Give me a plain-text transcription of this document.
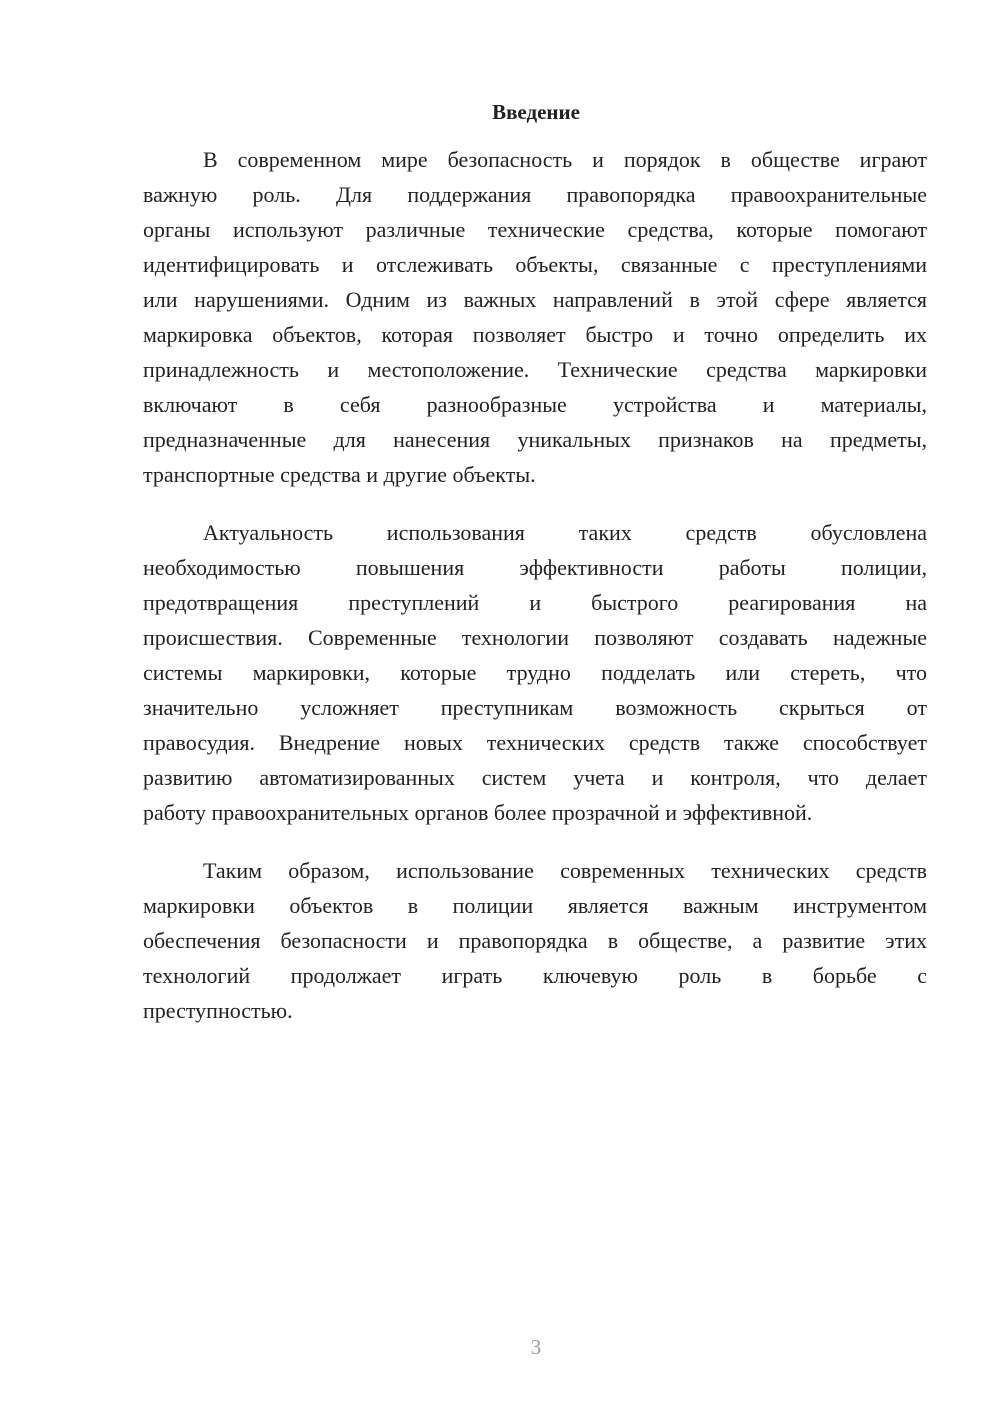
Введение

В современном мире безопасность и порядок в обществе играют
важную роль. Для поддержания правопорядка правоохранительные
органы используют различные технические средства, которые помогают
идентифицировать и отслеживать объекты, связанные с преступлениями
или нарушениями. Одним из важных направлений в этой сфере является
маркировка объектов, которая позволяет быстро и точно определить их
принадлежность и местоположение. Технические средства маркировки
включают в себя разнообразные устройства и материалы,
предназначенные для нанесения уникальных признаков на предметы,
транспортные средства и другие объекты.

Актуальность использования таких средств обусловлена
необходимостью повышения эффективности работы полиции,
предотвращения преступлений и быстрого реагирования на
происшествия. Современные технологии позволяют создавать надежные
системы маркировки, которые трудно подделать или стереть, что
значительно усложняет преступникам возможность скрыться от
правосудия. Внедрение новых технических средств также способствует
развитию автоматизированных систем учета и контроля, что делает
работу правоохранительных органов более прозрачной и эффективной.

Таким образом, использование современных технических средств
маркировки объектов в полиции является важным инструментом
обеспечения безопасности и правопорядка в обществе, а развитие этих
технологий продолжает играть ключевую роль в борьбе с
преступностью.

3
